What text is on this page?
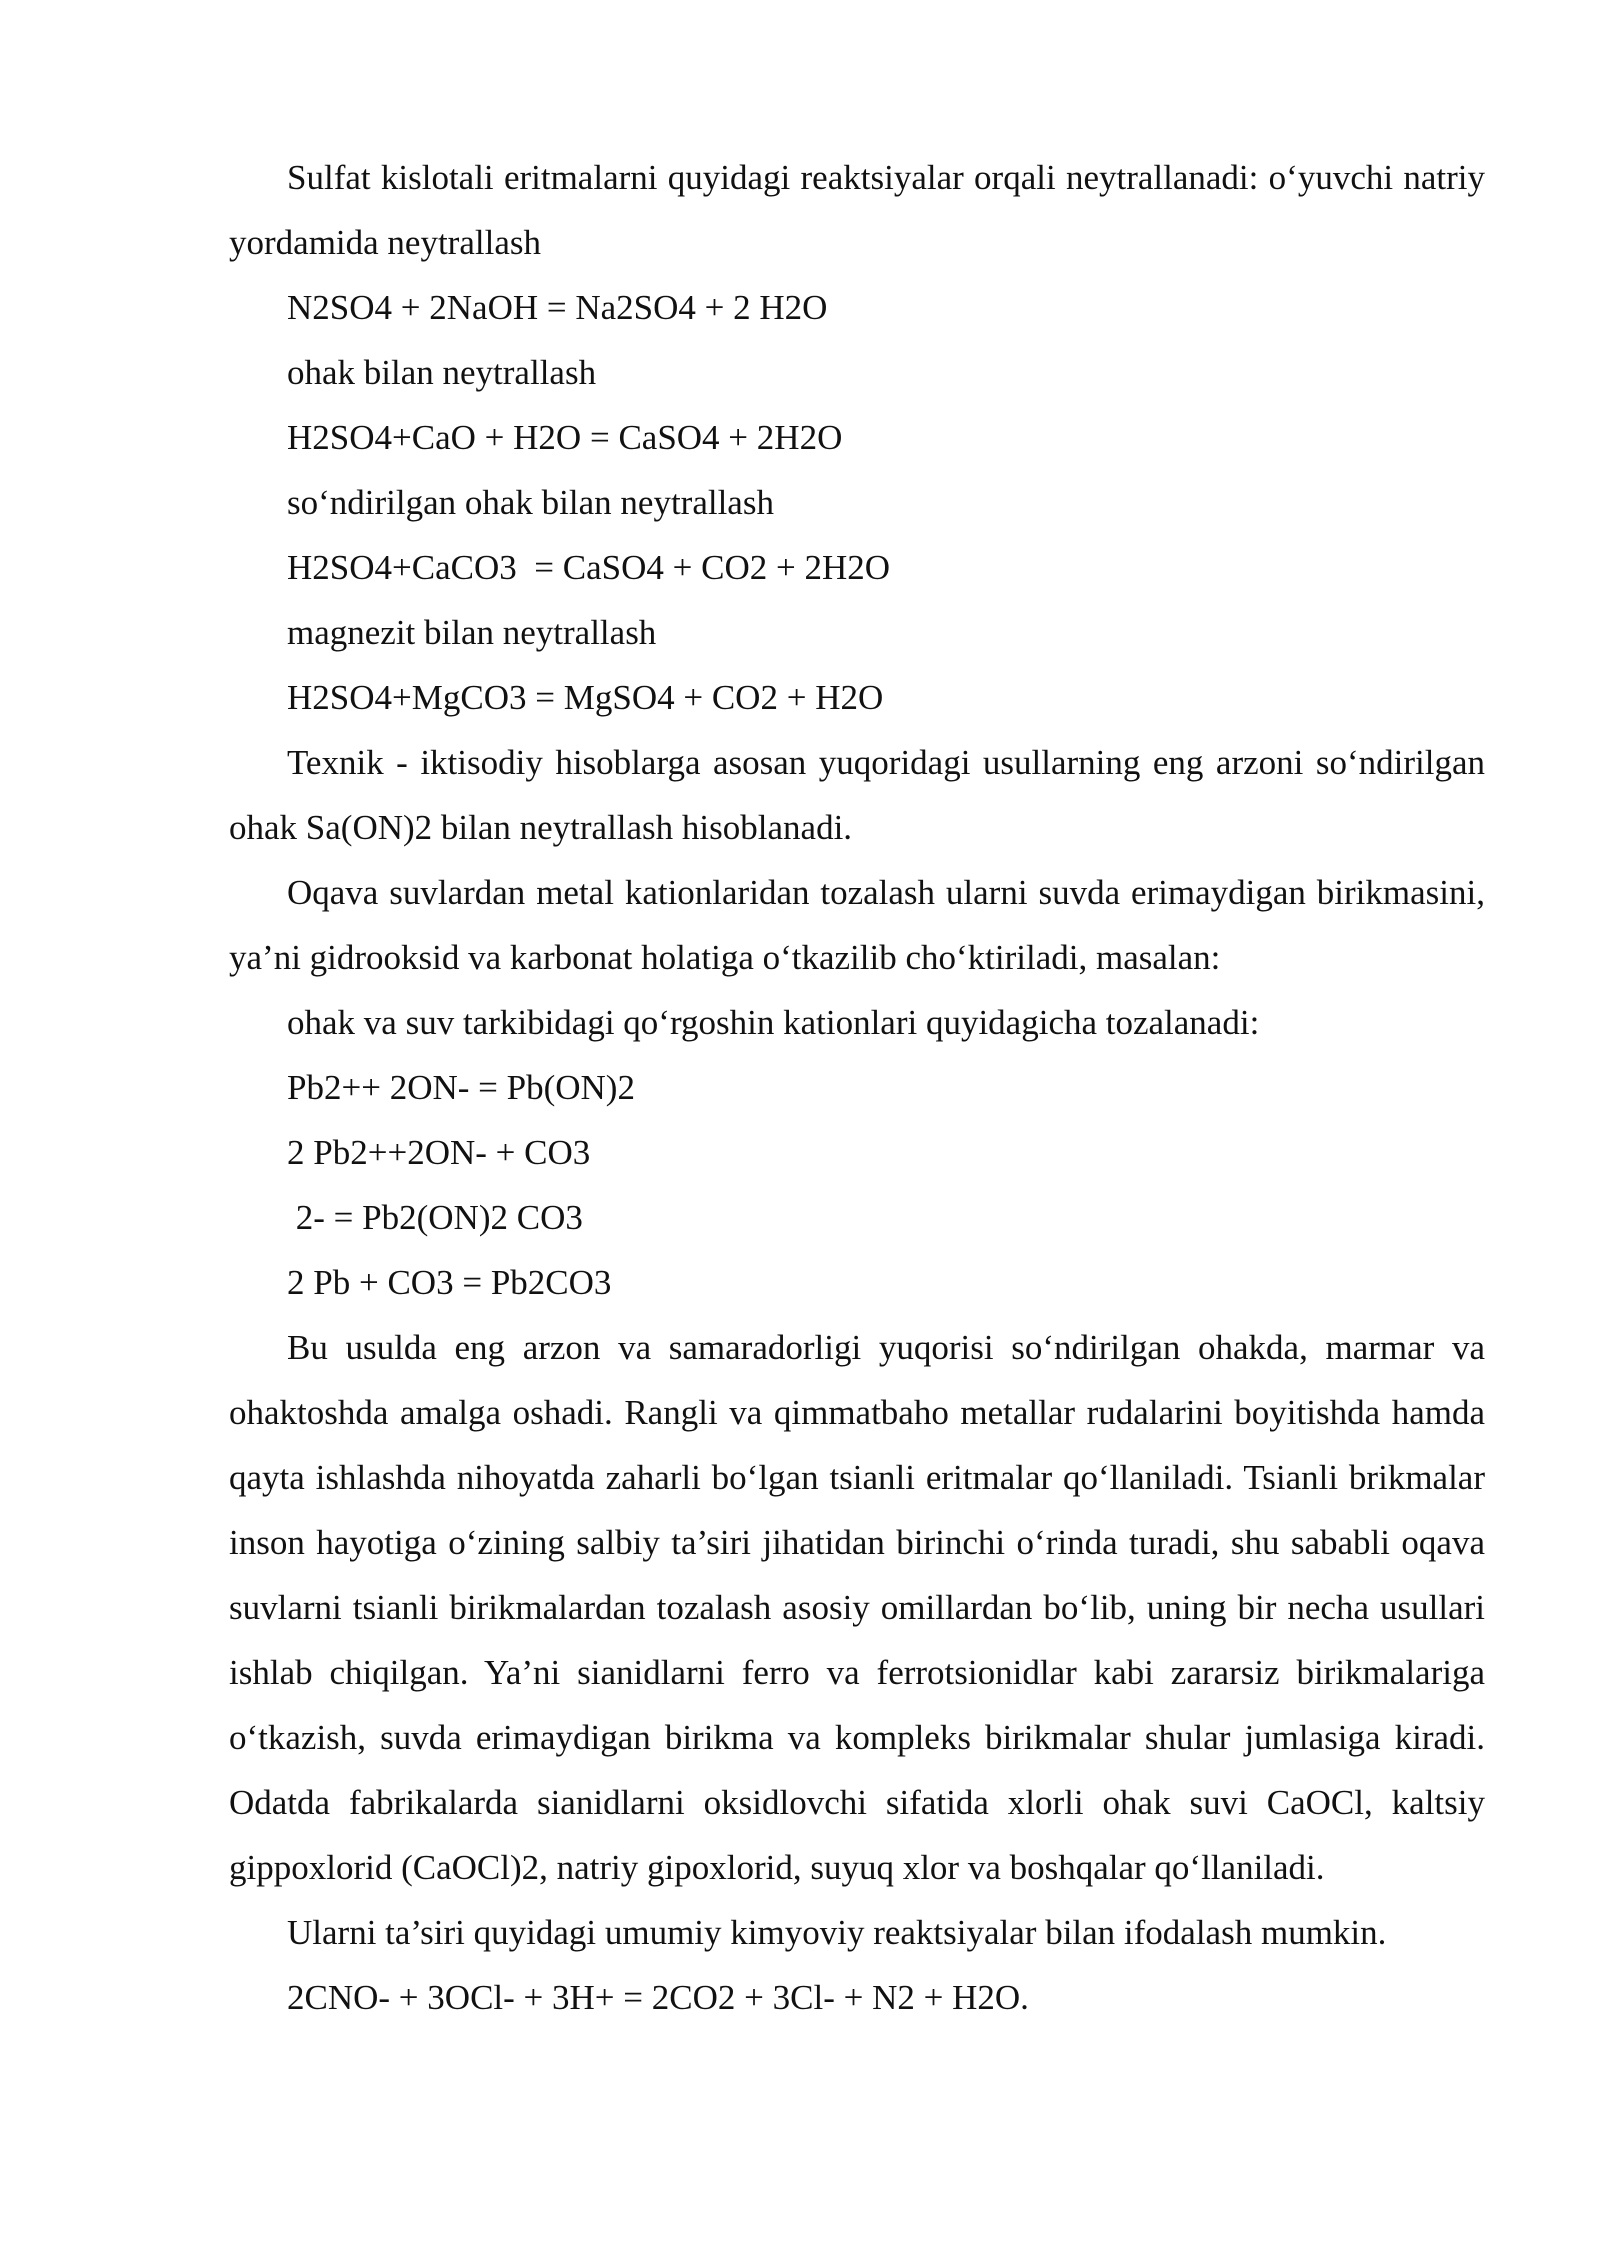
Sulfat kislotali eritmalarni quyidagi reaktsiyalar orqali neytrallanadi: o‘yuvchi natriy yordamida neytrallash

N2SO4 + 2NaOH = Na2SO4 + 2 H2O

ohak bilan neytrallash

H2SO4+CaO + H2O = CaSO4 + 2H2O

so‘ndirilgan ohak bilan neytrallash

H2SO4+CaCO3  = CaSO4 + CO2 + 2H2O

magnezit bilan neytrallash

H2SO4+MgCO3 = MgSO4 + CO2 + H2O

Texnik - iktisodiy hisoblarga asosan yuqoridagi usullarning eng arzoni so‘ndirilgan ohak Sa(ON)2 bilan neytrallash hisoblanadi.

Oqava suvlardan metal kationlaridan tozalash ularni suvda erimaydigan birikmasini, ya’ni gidrooksid va karbonat holatiga o‘tkazilib cho‘ktiriladi, masalan:

ohak va suv tarkibidagi qo‘rgoshin kationlari quyidagicha tozalanadi:

Pb2++ 2ON- = Pb(ON)2

2 Pb2++2ON- + CO3

2- = Pb2(ON)2 CO3

2 Pb + CO3 = Pb2CO3

Bu usulda eng arzon va samaradorligi yuqorisi so‘ndirilgan ohakda, marmar va ohaktoshda amalga oshadi. Rangli va qimmatbaho metallar rudalarini boyitishda hamda qayta ishlashda nihoyatda zaharli bo‘lgan tsianli eritmalar qo‘llaniladi. Tsianli brikmalar inson hayotiga o‘zining salbiy ta’siri jihatidan birinchi o‘rinda turadi, shu sababli oqava suvlarni tsianli birikmalardan tozalash asosiy omillardan bo‘lib, uning bir necha usullari ishlab chiqilgan. Ya’ni sianidlarni ferro va ferrotsionidlar kabi zararsiz birikmalariga o‘tkazish, suvda erimaydigan birikma va kompleks birikmalar shular jumlasiga kiradi. Odatda fabrikalarda sianidlarni oksidlovchi sifatida xlorli ohak suvi CaOCl, kaltsiy gippoxlorid (CaOCl)2, natriy gipoxlorid, suyuq xlor va boshqalar qo‘llaniladi.

Ularni ta’siri quyidagi umumiy kimyoviy reaktsiyalar bilan ifodalash mumkin.

2CNO- + 3OCl- + 3H+ = 2CO2 + 3Cl- + N2 + H2O.
